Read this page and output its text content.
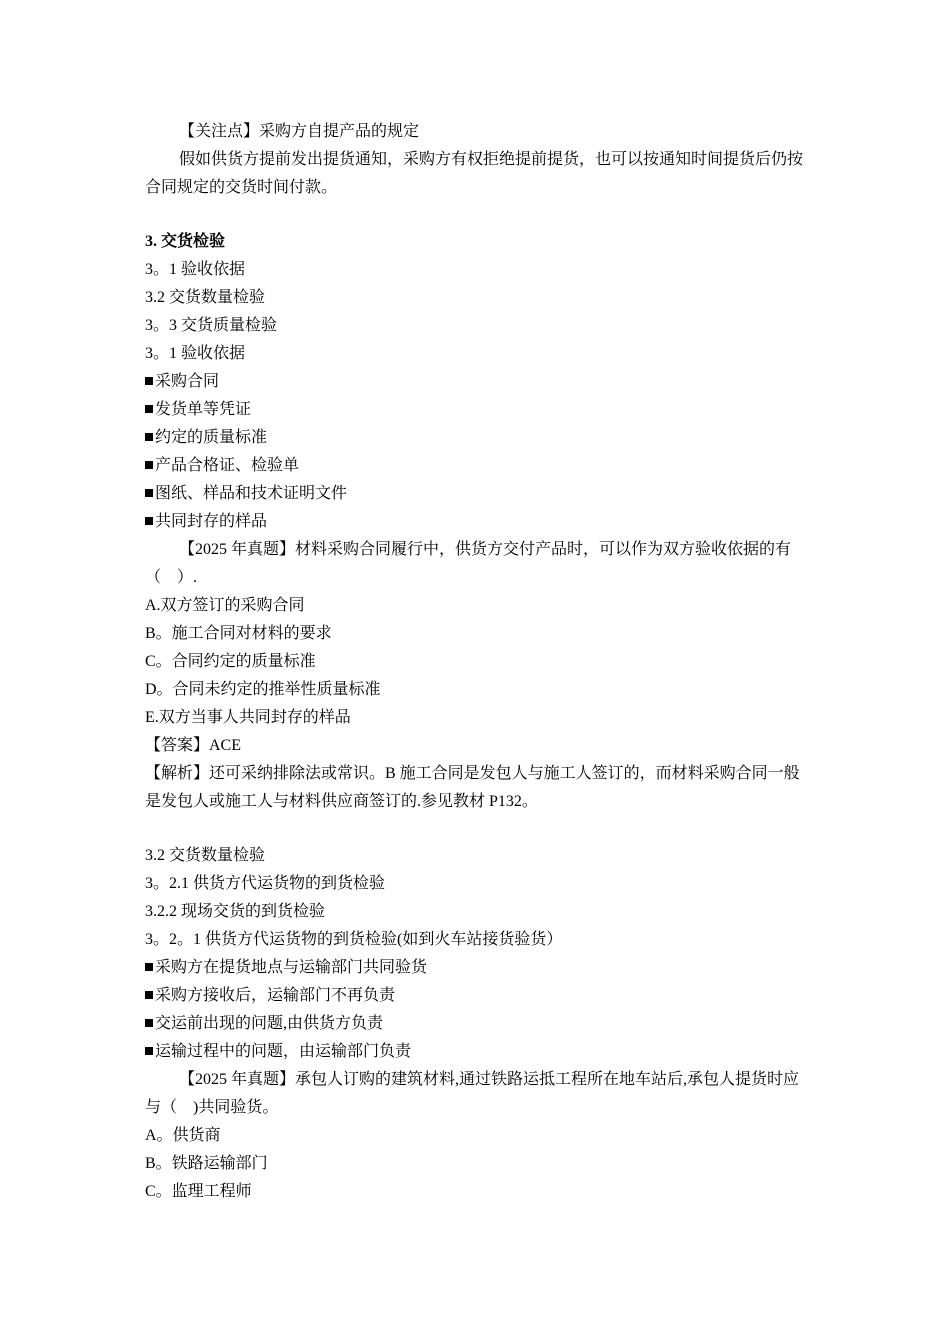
【关注点】采购方自提产品的规定

假如供货方提前发出提货通知，采购方有权拒绝提前提货，也可以按通知时间提货后仍按合同规定的交货时间付款。

3. 交货检验

3。1 验收依据

3.2 交货数量检验

3。3 交货质量检验

3。1 验收依据

采购合同

发货单等凭证

约定的质量标准

产品合格证、检验单

图纸、样品和技术证明文件

共同封存的样品

【2025 年真题】材料采购合同履行中，供货方交付产品时，可以作为双方验收依据的有（　）.

A.双方签订的采购合同

B。施工合同对材料的要求

C。合同约定的质量标准

D。合同未约定的推举性质量标准

E.双方当事人共同封存的样品

【答案】ACE

【解析】还可采纳排除法或常识。B 施工合同是发包人与施工人签订的，而材料采购合同一般是发包人或施工人与材料供应商签订的.参见教材 P132。

3.2 交货数量检验

3。2.1 供货方代运货物的到货检验

3.2.2 现场交货的到货检验

3。2。1 供货方代运货物的到货检验(如到火车站接货验货）

采购方在提货地点与运输部门共同验货

采购方接收后，运输部门不再负责

交运前出现的问题,由供货方负责

运输过程中的问题，由运输部门负责

【2025 年真题】承包人订购的建筑材料,通过铁路运抵工程所在地车站后,承包人提货时应与（　)共同验货。

A。供货商

B。铁路运输部门

C。监理工程师
